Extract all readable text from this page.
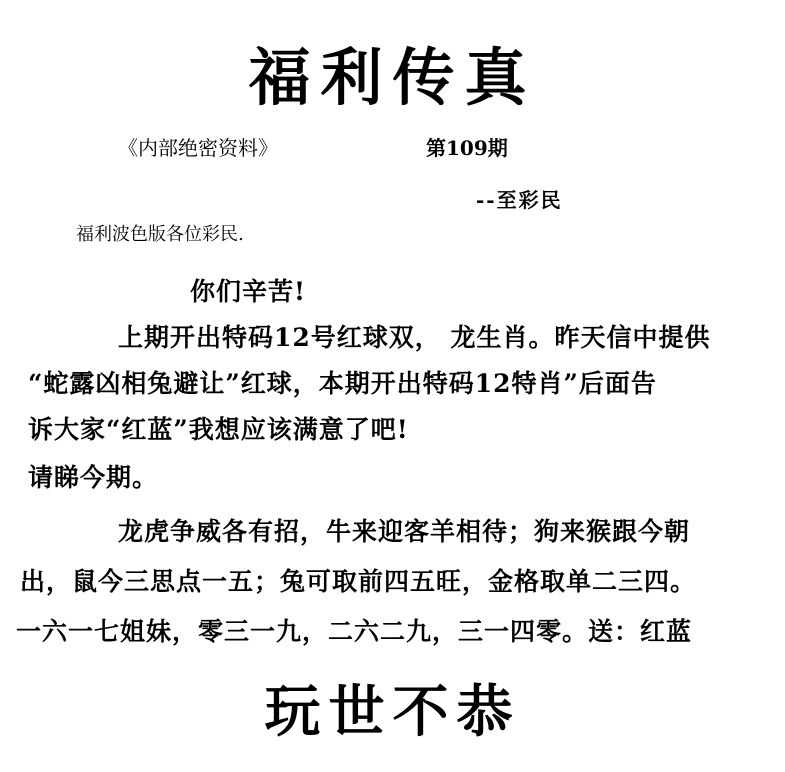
福利传真
《内部绝密资料》	第109期
--至彩民
福利波色版各位彩民.
你们辛苦!
上期开出特码12号红球双， 龙生肖。昨天信中提供
“蛇露凶相兔避让”红球，本期开出特码12特肖”后面告
诉大家“红蓝”我想应该满意了吧!
请睇今期。
龙虎争威各有招，牛来迎客羊相待；狗来猴跟今朝
出，鼠今三思点一五；兔可取前四五旺，金格取单二三四。
一六一七姐妹，零三一九，二六二九，三一四零。送：红蓝
玩世不恭
